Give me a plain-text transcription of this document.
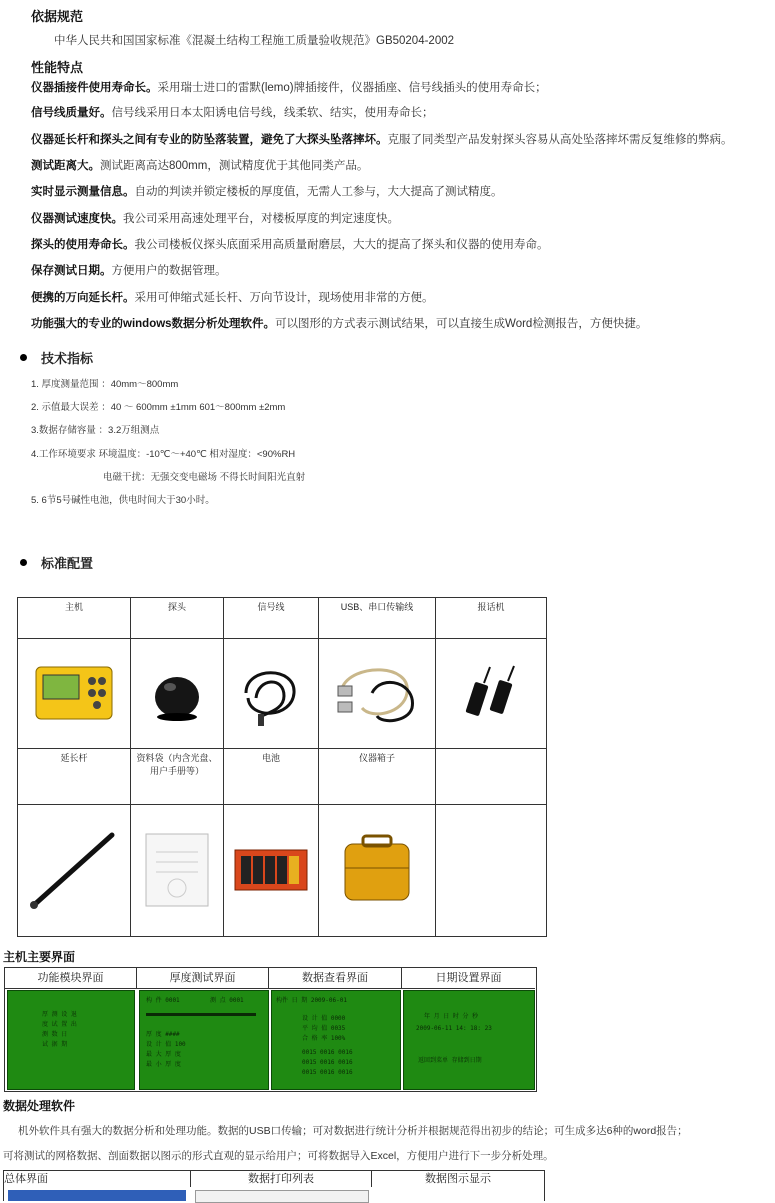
依据规范
中华人民共和国国家标准《混凝土结构工程施工质量验收规范》GB50204-2002
性能特点
仪器插接件使用寿命长。采用瑞士进口的雷默(lemo)牌插接件，仪器插座、信号线插头的使用寿命长；
信号线质量好。信号线采用日本太阳诱电信号线，线柔软、结实，使用寿命长；
仪器延长杆和探头之间有专业的防坠落装置，避免了大探头坠落摔坏。克服了同类型产品发射探头容易从高处坠落摔坏需反复维修的弊病。
测试距离大。测试距离高达800mm，测试精度优于其他同类产品。
实时显示测量信息。自动的判读并锁定楼板的厚度值，无需人工参与，大大提高了测试精度。
仪器测试速度快。我公司采用高速处理平台，对楼板厚度的判定速度快。
探头的使用寿命长。我公司楼板仪探头底面采用高质量耐磨层，大大的提高了探头和仪器的使用寿命。
保存测试日期。方便用户的数据管理。
便携的万向延长杆。采用可伸缩式延长杆、万向节设计，现场使用非常的方便。
功能强大的专业的windows数据分析处理软件。可以图形的方式表示测试结果，可以直接生成Word检测报告，方便快捷。
技术指标
1. 厚度测量范围 ：40mm～800mm
2. 示值最大误差 ：40 ～ 600mm ±1mm 601～800mm ±2mm
3.数据存储容量 ：3.2万组测点
4.工作环境要求 环境温度：-10℃～+40℃ 相对湿度：<90%RH
电磁干扰：无强交变电磁场 不得长时间阳光直射
5. 6节5号碱性电池，供电时间大于30小时。
标准配置
主机	探头	信号线	USB、串口传输线	报话机

延长杆	资料袋（内含光盘、用户手册等）	电池	仪器箱子	

主机主要界面
功能模块界面	厚度测试界面	数据查看界面	日期设置界面
厚 测 设 退
度 试 置 出
测 数 日
试 据 期
构 件 0001	测 点 0001
厚 度 ####
设 计 值 100
最 大 厚 度
最 小 厚 度
构件 日 期 2009-06-01
设 计 值 0000
平 均 值 0035
合 格 率 100%
0015 0016 0016
0015 0016 0016
0015 0016 0016
年 月 日 时 分 秒
2009-06-11 14: 18: 23
返回到菜单 存储到日期
数据处理软件
机外软件具有强大的数据分析和处理功能。数据的USB口传输；可对数据进行统计分析并根据规范得出初步的结论；可生成多达6种的word报告；
可将测试的网格数据、剖面数据以图示的形式直观的显示给用户；可将数据导入Excel，方便用户进行下一步分析处理。
总体界面	数据打印列表	数据图示显示
